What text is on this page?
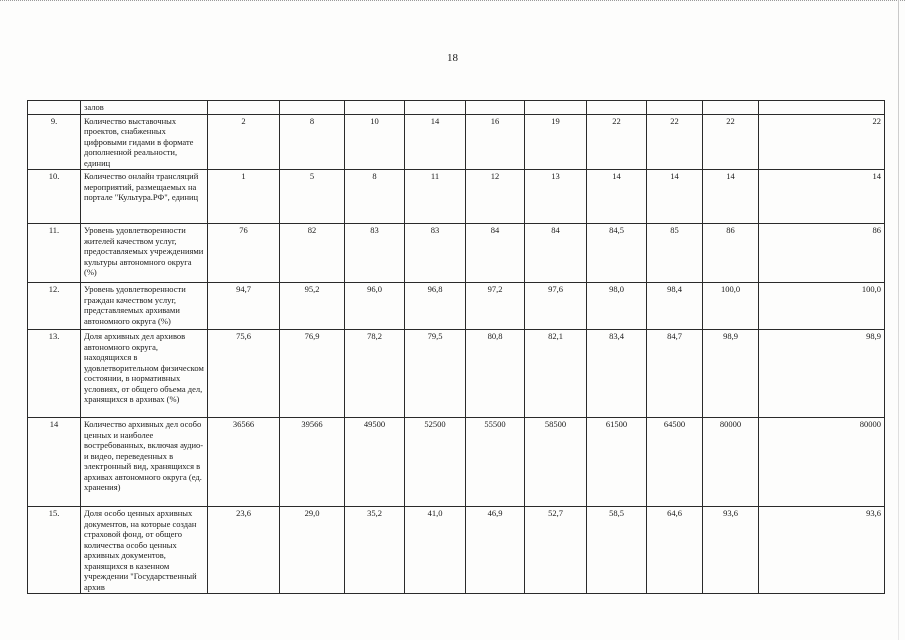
18
	залов										
9.	Количество выставочных проектов, снабженных цифровыми гидами в формате дополненной реальности, единиц	2	8	10	14	16	19	22	22	22	22
10.	Количество онлайн трансляций мероприятий, размещаемых на портале "Культура.РФ", единиц	1	5	8	11	12	13	14	14	14	14
11.	Уровень удовлетворенности жителей качеством услуг, предоставляемых учреждениями культуры автономного округа (%)	76	82	83	83	84	84	84,5	85	86	86
12.	Уровень удовлетворенности граждан качеством услуг, представляемых архивами автономного округа (%)	94,7	95,2	96,0	96,8	97,2	97,6	98,0	98,4	100,0	100,0
13.	Доля архивных дел архивов автономного округа, находящихся в удовлетворительном физическом состоянии, в нормативных условиях, от общего объема дел, хранящихся в архивах (%)	75,6	76,9	78,2	79,5	80,8	82,1	83,4	84,7	98,9	98,9
14	Количество архивных дел особо ценных и наиболее востребованных, включая аудио- и видео, переведенных в электронный вид, хранящихся в архивах автономного округа (ед. хранения)	36566	39566	49500	52500	55500	58500	61500	64500	80000	80000
15.	Доля особо ценных архивных документов, на которые создан страховой фонд, от общего количества особо ценных архивных документов, хранящихся в казенном учреждении "Государственный архив	23,6	29,0	35,2	41,0	46,9	52,7	58,5	64,6	93,6	93,6
